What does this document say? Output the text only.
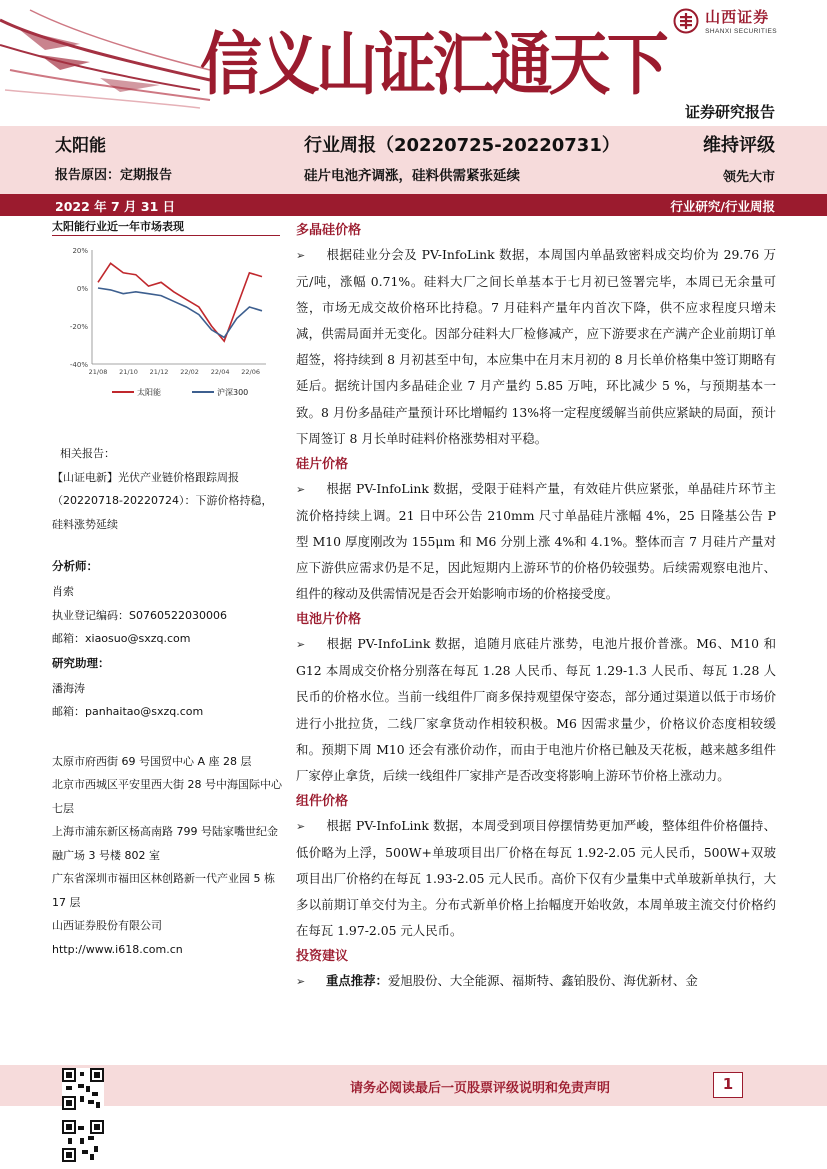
信义山证汇通天下
山西证券
SHANXI SECURITIES
证券研究报告
太阳能
报告原因：定期报告
行业周报（20220725-20220731）
硅片电池齐调涨，硅料供需紧张延续
维持评级
领先大市
2022 年 7 月 31 日	行业研究/行业周报
太阳能行业近一年市场表现
20%
0%
-20%
-40%
21/08 21/10 21/12 22/02 22/04 22/06
太阳能	沪深300
相关报告：
【山证电新】光伏产业链价格跟踪周报（20220718-20220724）：下游价格持稳，硅料涨势延续
分析师：
肖索
执业登记编码：S0760522030006
邮箱：xiaosuo@sxzq.com
研究助理：
潘海涛
邮箱：panhaitao@sxzq.com
太原市府西街 69 号国贸中心 A 座 28 层
北京市西城区平安里西大街 28 号中海国际中心七层
上海市浦东新区杨高南路 799 号陆家嘴世纪金融广场 3 号楼 802 室
广东省深圳市福田区林创路新一代产业园 5 栋 17 层
山西证券股份有限公司
http://www.i618.com.cn
多晶硅价格

➢ 根据硅业分会及 PV-InfoLink 数据，本周国内单晶致密料成交均价为 29.76 万元/吨，涨幅 0.71%。硅料大厂之间长单基本于七月初已签署完毕，本周已无余量可签，市场无成交故价格环比持稳。7 月硅料产量年内首次下降，供不应求程度只增未减，供需局面并无变化。因部分硅料大厂检修减产，应下游要求在产满产企业前期订单超签，将持续到 8 月初甚至中旬，本应集中在月末月初的 8 月长单价格集中签订期略有延后。据统计国内多晶硅企业 7 月产量约 5.85 万吨，环比减少 5 %，与预期基本一致。8 月份多晶硅产量预计环比增幅约 13%将一定程度缓解当前供应紧缺的局面，预计下周签订 8 月长单时硅料价格涨势相对平稳。

硅片价格

➢ 根据 PV-InfoLink 数据，受限于硅料产量，有效硅片供应紧张，单晶硅片环节主流价格持续上调。21 日中环公告 210mm 尺寸单晶硅片涨幅 4%，25 日隆基公告 P 型 M10 厚度刚改为 155μm 和 M6 分别上涨 4%和 4.1%。整体而言 7 月硅片产量对应下游供应需求仍是不足，因此短期内上游环节的价格仍较强势。后续需观察电池片、组件的稼动及供需情况是否会开始影响市场的价格接受度。

电池片价格

➢ 根据 PV-InfoLink 数据，追随月底硅片涨势，电池片报价普涨。M6、M10 和 G12 本周成交价格分别落在每瓦 1.28 人民币、每瓦 1.29-1.3 人民币、每瓦 1.28 人民币的价格水位。当前一线组件厂商多保持观望保守姿态，部分通过渠道以低于市场价进行小批拉货，二线厂家拿货动作相较积极。M6 因需求量少，价格议价态度相较缓和。预期下周 M10 还会有涨价动作，而由于电池片价格已触及天花板，越来越多组件厂家停止拿货，后续一线组件厂家排产是否改变将影响上游环节价格上涨动力。

组件价格

➢ 根据 PV-InfoLink 数据，本周受到项目停摆情势更加严峻，整体组件价格僵持、低价略为上浮，500W+单玻项目出厂价格在每瓦 1.92-2.05 元人民币，500W+双玻项目出厂价格约在每瓦 1.93-2.05 元人民币。高价下仅有少量集中式单玻新单执行，大多以前期订单交付为主。分布式新单价格上抬幅度开始收敛，本周单玻主流交付价格约在每瓦 1.97-2.05 元人民币。

投资建议

➢ 重点推荐：爱旭股份、大全能源、福斯特、鑫铂股份、海优新材、金

请务必阅读最后一页股票评级说明和免责声明	1
